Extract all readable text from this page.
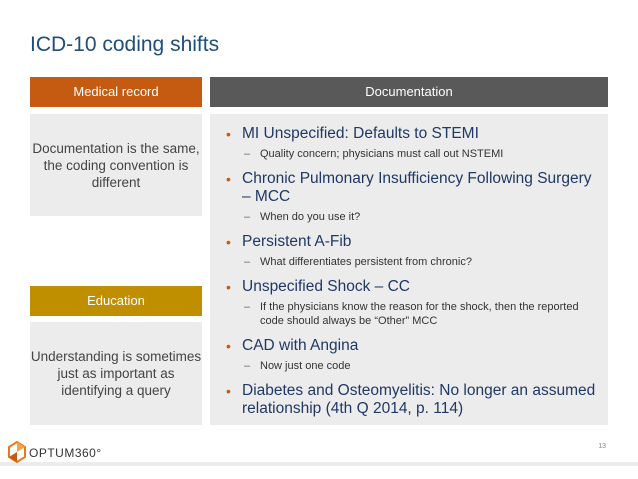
ICD-10 coding shifts
Medical record
Documentation is the same, the coding convention is different
Education
Understanding is sometimes just as important as identifying a query
Documentation
• MI Unspecified: Defaults to STEMI
– Quality concern; physicians must call out NSTEMI
• Chronic Pulmonary Insufficiency Following Surgery – MCC
– When do you use it?
• Persistent A-Fib
– What differentiates persistent from chronic?
• Unspecified Shock – CC
– If the physicians know the reason for the shock, then the reported code should always be “Other” MCC
• CAD with Angina
– Now just one code
• Diabetes and Osteomyelitis: No longer an assumed relationship (4th Q 2014, p. 114)
OPTUM360°	13
